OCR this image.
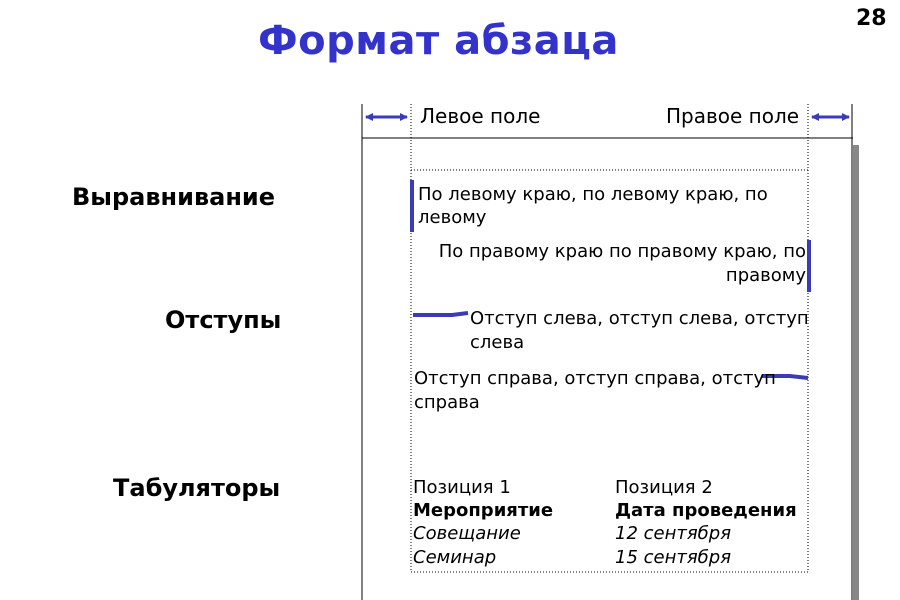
Формат абзаца	28
Левое поле	Правое поле
Выравнивание
Отступы
Табуляторы
По левому краю, по левому краю, по
левому
По правому краю по правому краю, по
правому
Отступ слева, отступ слева, отступ
слева
Отступ справа, отступ справа, отступ
справа
Позиция 1	Позиция 2
Мероприятие	Дата проведения
Совещание	12 сентября
Семинар	15 сентября
